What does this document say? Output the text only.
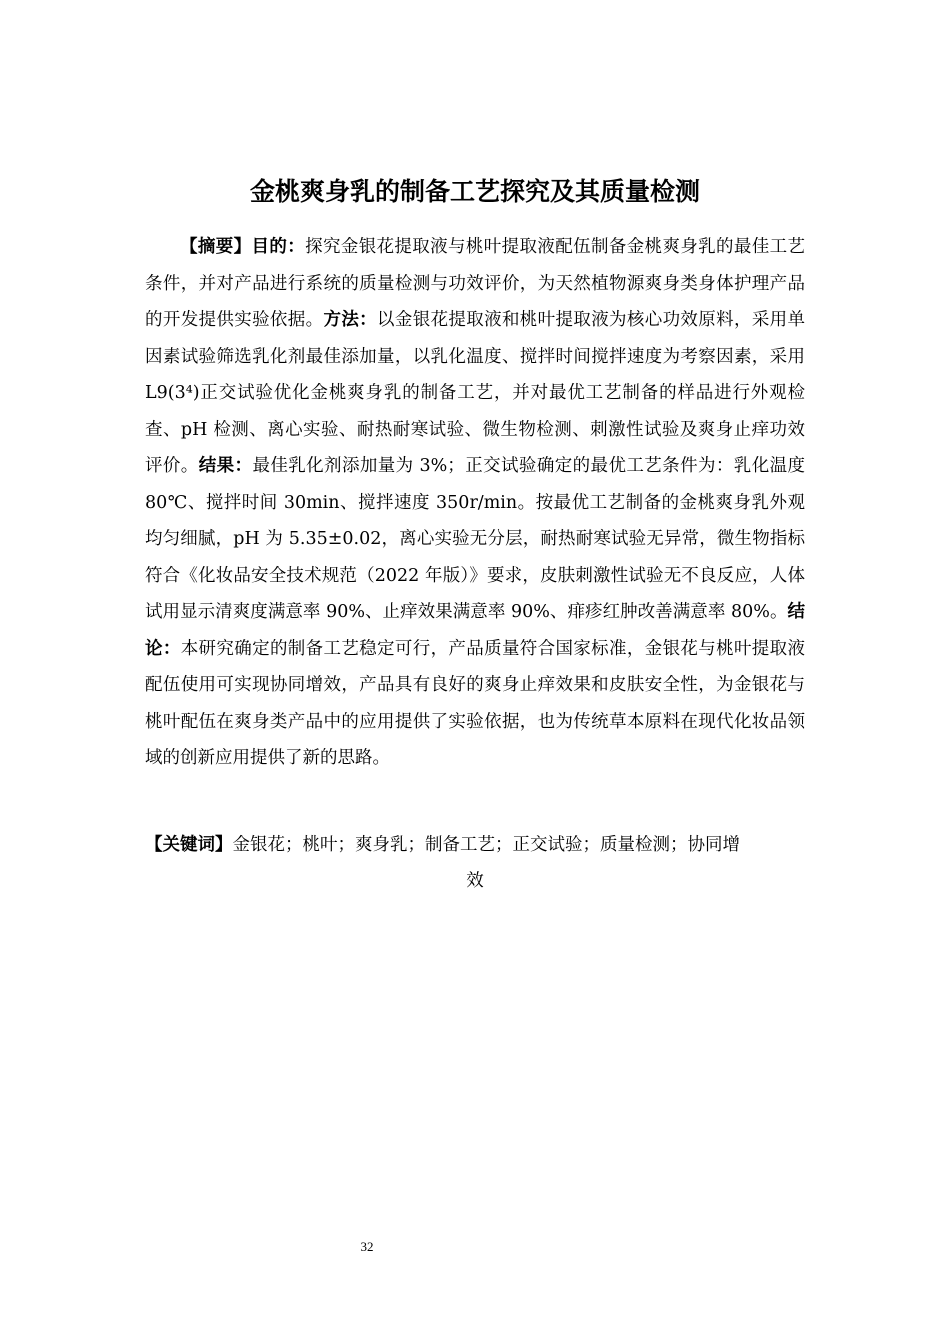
金桃爽身乳的制备工艺探究及其质量检测

【摘要】目的：探究金银花提取液与桃叶提取液配伍制备金桃爽身乳的最佳工艺条件，并对产品进行系统的质量检测与功效评价，为天然植物源爽身类身体护理产品的开发提供实验依据。方法：以金银花提取液和桃叶提取液为核心功效原料，采用单因素试验筛选乳化剂最佳添加量，以乳化温度、搅拌时间搅拌速度为考察因素，采用 L9(3⁴)正交试验优化金桃爽身乳的制备工艺，并对最优工艺制备的样品进行外观检查、pH 检测、离心实验、耐热耐寒试验、微生物检测、刺激性试验及爽身止痒功效评价。结果：最佳乳化剂添加量为 3%；正交试验确定的最优工艺条件为：乳化温度 80℃、搅拌时间 30min、搅拌速度 350r/min。按最优工艺制备的金桃爽身乳外观均匀细腻，pH 为 5.35±0.02，离心实验无分层，耐热耐寒试验无异常，微生物指标符合《化妆品安全技术规范（2022 年版）》要求，皮肤刺激性试验无不良反应，人体试用显示清爽度满意率 90%、止痒效果满意率 90%、痱疹红肿改善满意率 80%。结论：本研究确定的制备工艺稳定可行，产品质量符合国家标准，金银花与桃叶提取液配伍使用可实现协同增效，产品具有良好的爽身止痒效果和皮肤安全性，为金银花与桃叶配伍在爽身类产品中的应用提供了实验依据，也为传统草本原料在现代化妆品领域的创新应用提供了新的思路。

【关键词】金银花；桃叶；爽身乳；制备工艺；正交试验；质量检测；协同增

效
32
